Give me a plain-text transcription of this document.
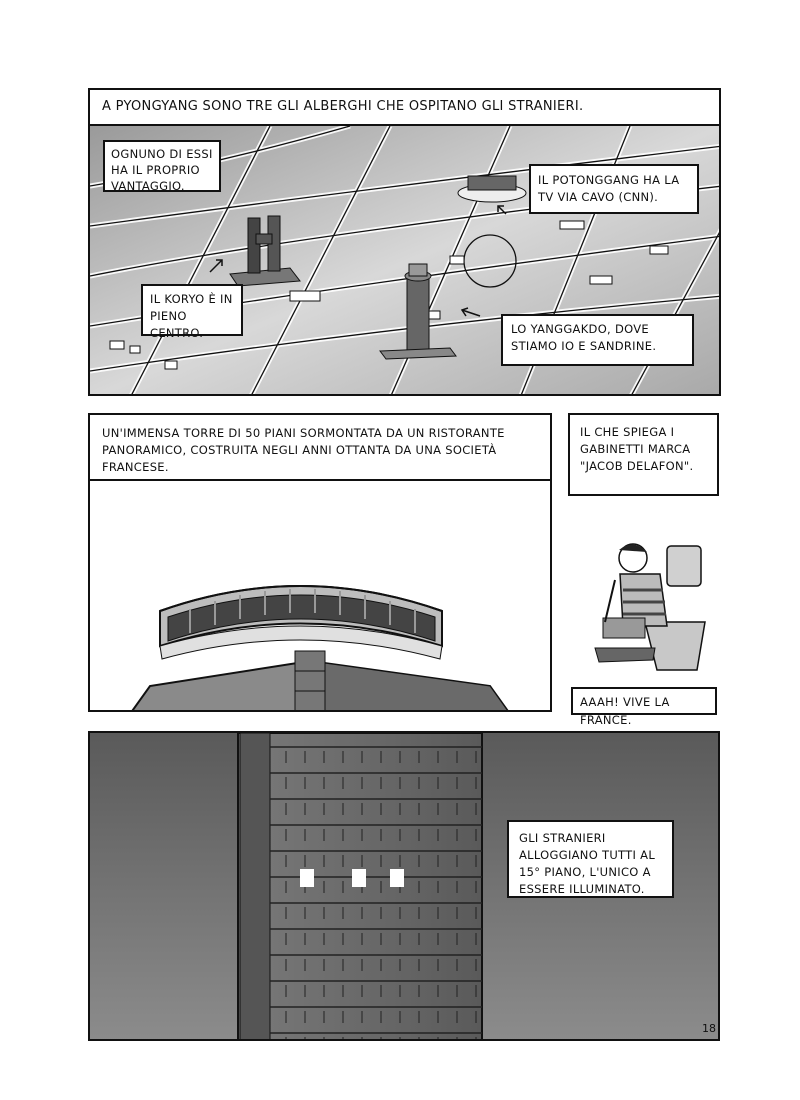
A PYONGYANG SONO TRE GLI ALBERGHI CHE OSPITANO GLI STRANIERI.
OGNUNO DI ESSI HA IL PROPRIO VANTAGGIO.	IL POTONGGANG HA LA TV VIA CAVO (CNN).
IL KORYO È IN PIENO CENTRO.	LO YANGGAKDO, DOVE STIAMO IO E SANDRINE.
UN'IMMENSA TORRE DI 50 PIANI SORMONTATA DA UN RISTORANTE PANORAMICO, COSTRUITA NEGLI ANNI OTTANTA DA UNA SOCIETÀ FRANCESE.
IL CHE SPIEGA I GABINETTI MARCA "JACOB DELAFON".
AAAH! VIVE LA FRANCE.
GLI STRANIERI ALLOGGIANO TUTTI AL 15° PIANO, L'UNICO A ESSERE ILLUMINATO.
18
